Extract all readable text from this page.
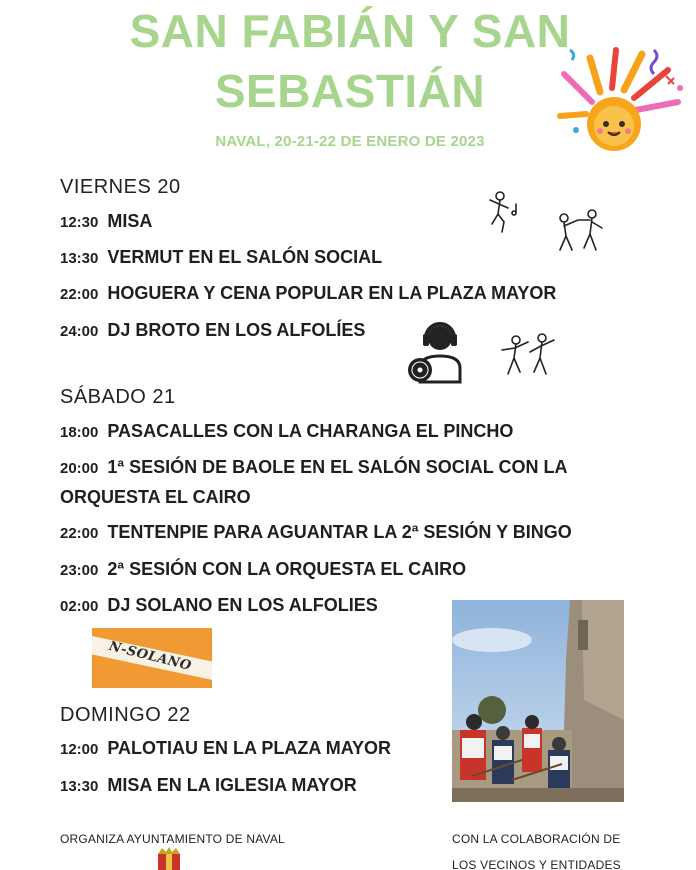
SAN FABIÁN Y SAN
SEBASTIÁN
NAVAL, 20-21-22 DE ENERO DE 2023
VIERNES 20
12:30 MISA
13:30 VERMUT EN EL SALÓN SOCIAL
22:00 HOGUERA Y CENA POPULAR EN LA PLAZA MAYOR
24:00 DJ BROTO EN LOS ALFOLÍES
SÁBADO 21
18:00 PASACALLES CON LA CHARANGA EL PINCHO
20:00 1ª SESIÓN DE BAOLE EN EL SALÓN SOCIAL CON LA ORQUESTA EL CAIRO
22:00 TENTENPIE PARA AGUANTAR LA 2ª SESIÓN Y BINGO
23:00 2ª SESIÓN CON LA ORQUESTA EL CAIRO
02:00 DJ SOLANO EN LOS ALFOLIES
N-SOLANO
DOMINGO 22
12:00 PALOTIAU EN LA PLAZA MAYOR
13:30 MISA EN LA IGLESIA MAYOR
ORGANIZA AYUNTAMIENTO DE NAVAL	CON LA COLABORACIÓN DE
LOS VECINOS Y ENTIDADES
